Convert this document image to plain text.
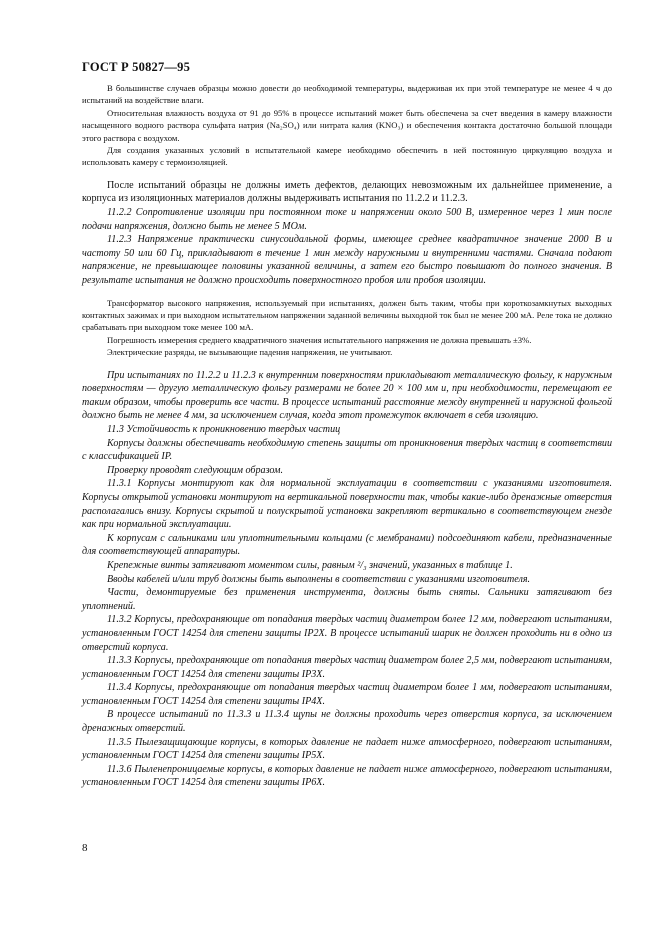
ГОСТ Р 50827—95

В большинстве случаев образцы можно довести до необходимой температуры, выдерживая их при этой температуре не менее 4 ч до испытаний на воздействие влаги.

Относительная влажность воздуха от 91 до 95% в процессе испытаний может быть обеспечена за счет введения в камеру влажности насыщенного водного раствора сульфата натрия (Na₂SO₄) или нитрата калия (KNO₃) и обеспечения контакта достаточно большой площади этого раствора с воздухом.

Для создания указанных условий в испытательной камере необходимо обеспечить в ней постоянную циркуляцию воздуха и использовать камеру с термоизоляцией.

После испытаний образцы не должны иметь дефектов, делающих невозможным их дальнейшее применение, а корпуса из изоляционных материалов должны выдерживать испытания по 11.2.2 и 11.2.3.

11.2.2 Сопротивление изоляции при постоянном токе и напряжении около 500 В, измеренное через 1 мин после подачи напряжения, должно быть не менее 5 МОм.

11.2.3 Напряжение практически синусоидальной формы, имеющее среднее квадратичное значение 2000 В и частоту 50 или 60 Гц, прикладывают в течение 1 мин между наружными и внутренними частями. Сначала подают напряжение, не превышающее половины указанной величины, а затем его быстро повышают до полного значения. В результате испытания не должно происходить поверхностного пробоя или пробоя изоляции.

Трансформатор высокого напряжения, используемый при испытаниях, должен быть таким, чтобы при короткозамкнутых выходных контактных зажимах и при выходном испытательном напряжении заданной величины выходной ток был не менее 200 мА. Реле тока не должно срабатывать при выходном токе менее 100 мА.

Погрешность измерения среднего квадратичного значения испытательного напряжения не должна превышать ±3%.

Электрические разряды, не вызывающие падения напряжения, не учитывают.

При испытаниях по 11.2.2 и 11.2.3 к внутренним поверхностям прикладывают металлическую фольгу, к наружным поверхностям — другую металлическую фольгу размерами не более 20 × 100 мм и, при необходимости, перемещают ее таким образом, чтобы проверить все части. В процессе испытаний расстояние между внутренней и наружной фольгой должно быть не менее 4 мм, за исключением случая, когда этот промежуток включает в себя изоляцию.

11.3 Устойчивость к проникновению твердых частиц

Корпусы должны обеспечивать необходимую степень защиты от проникновения твердых частиц в соответствии с классификацией IP.

Проверку проводят следующим образом.

11.3.1 Корпусы монтируют как для нормальной эксплуатации в соответствии с указаниями изготовителя. Корпусы открытой установки монтируют на вертикальной поверхности так, чтобы какие-либо дренажные отверстия располагались внизу. Корпусы скрытой и полускрытой установки закрепляют вертикально в соответствующем гнезде как при нормальной эксплуатации.

К корпусам с сальниками или уплотнительными кольцами (с мембранами) подсоединяют кабели, предназначенные для соответствующей аппаратуры.

Крепежные винты затягивают моментом силы, равным ²/₃ значений, указанных в таблице 1.

Вводы кабелей и/или труб должны быть выполнены в соответствии с указаниями изготовителя.

Части, демонтируемые без применения инструмента, должны быть сняты. Сальники затягивают без уплотнений.

11.3.2 Корпусы, предохраняющие от попадания твердых частиц диаметром более 12 мм, подвергают испытаниям, установленным ГОСТ 14254 для степени защиты IP2X. В процессе испытаний шарик не должен проходить ни в одно из отверстий корпуса.

11.3.3 Корпусы, предохраняющие от попадания твердых частиц диаметром более 2,5 мм, подвергают испытаниям, установленным ГОСТ 14254 для степени защиты IP3X.

11.3.4 Корпусы, предохраняющие от попадания твердых частиц диаметром более 1 мм, подвергают испытаниям, установленным ГОСТ 14254 для степени защиты IP4X.

В процессе испытаний по 11.3.3 и 11.3.4 щупы не должны проходить через отверстия корпуса, за исключением дренажных отверстий.

11.3.5 Пылезащищающие корпусы, в которых давление не падает ниже атмосферного, подвергают испытаниям, установленным ГОСТ 14254 для степени защиты IP5X.

11.3.6 Пыленепроницаемые корпусы, в которых давление не падает ниже атмосферного, подвергают испытаниям, установленным ГОСТ 14254 для степени защиты IP6X.

8
